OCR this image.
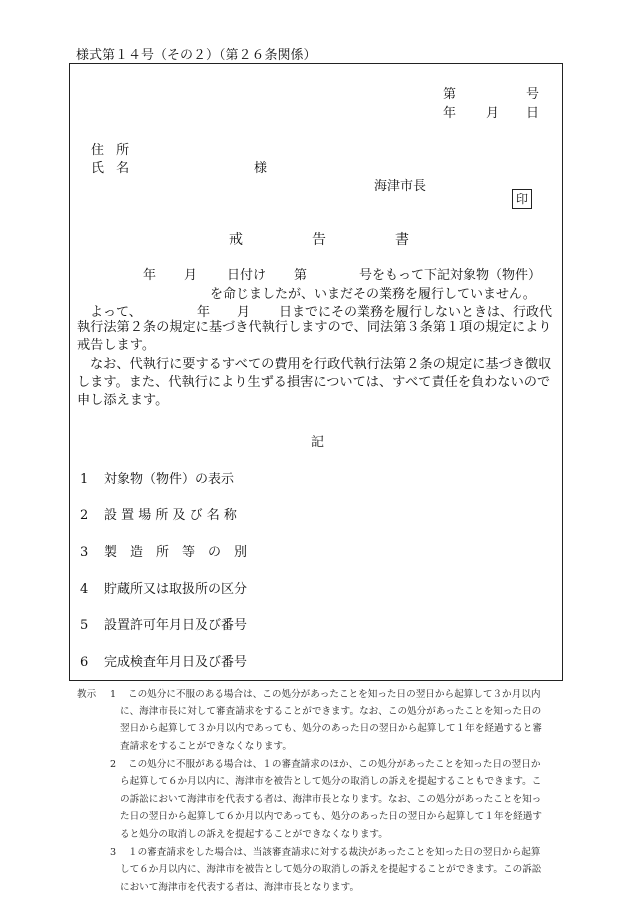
様式第１４号（その２）（第２６条関係）
第	号
年 月 日
住 所
氏 名	様
海津市長
印
戒	告	書
年 月 日付け 第	号をもって下記対象物（物件）
を命じましたが、いまだその業務を履行していません。
よって、	年 月 日までにその業務を履行しないときは、行政代
執行法第２条の規定に基づき代執行しますので、同法第３条第１項の規定により
戒告します。
なお、代執行に要するすべての費用を行政代執行法第２条の規定に基づき徴収
します。また、代執行により生ずる損害については、すべて責任を負わないので
申し添えます。
記
1 対象物（物件）の表示
2 設 置 場 所 及 び 名 称
3 製　造　所　等　の　別
4 貯蔵所又は取扱所の区分
5 設置許可年月日及び番号
6 完成検査年月日及び番号
教示 1 この処分に不服のある場合は、この処分があったことを知った日の翌日から起算して３か月以内
に、海津市長に対して審査請求をすることができます。なお、この処分があったことを知った日の
翌日から起算して３か月以内であっても、処分のあった日の翌日から起算して１年を経過すると審
査請求をすることができなくなります。
2 この処分に不服がある場合は、１の審査請求のほか、この処分があったことを知った日の翌日か
ら起算して６か月以内に、海津市を被告として処分の取消しの訴えを提起することもできます。こ
の訴訟において海津市を代表する者は、海津市長となります。なお、この処分があったことを知っ
た日の翌日から起算して６か月以内であっても、処分のあった日の翌日から起算して１年を経過す
ると処分の取消しの訴えを提起することができなくなります。
3 １の審査請求をした場合は、当該審査請求に対する裁決があったことを知った日の翌日から起算
して６か月以内に、海津市を被告として処分の取消しの訴えを提起することができます。この訴訟
において海津市を代表する者は、海津市長となります。
